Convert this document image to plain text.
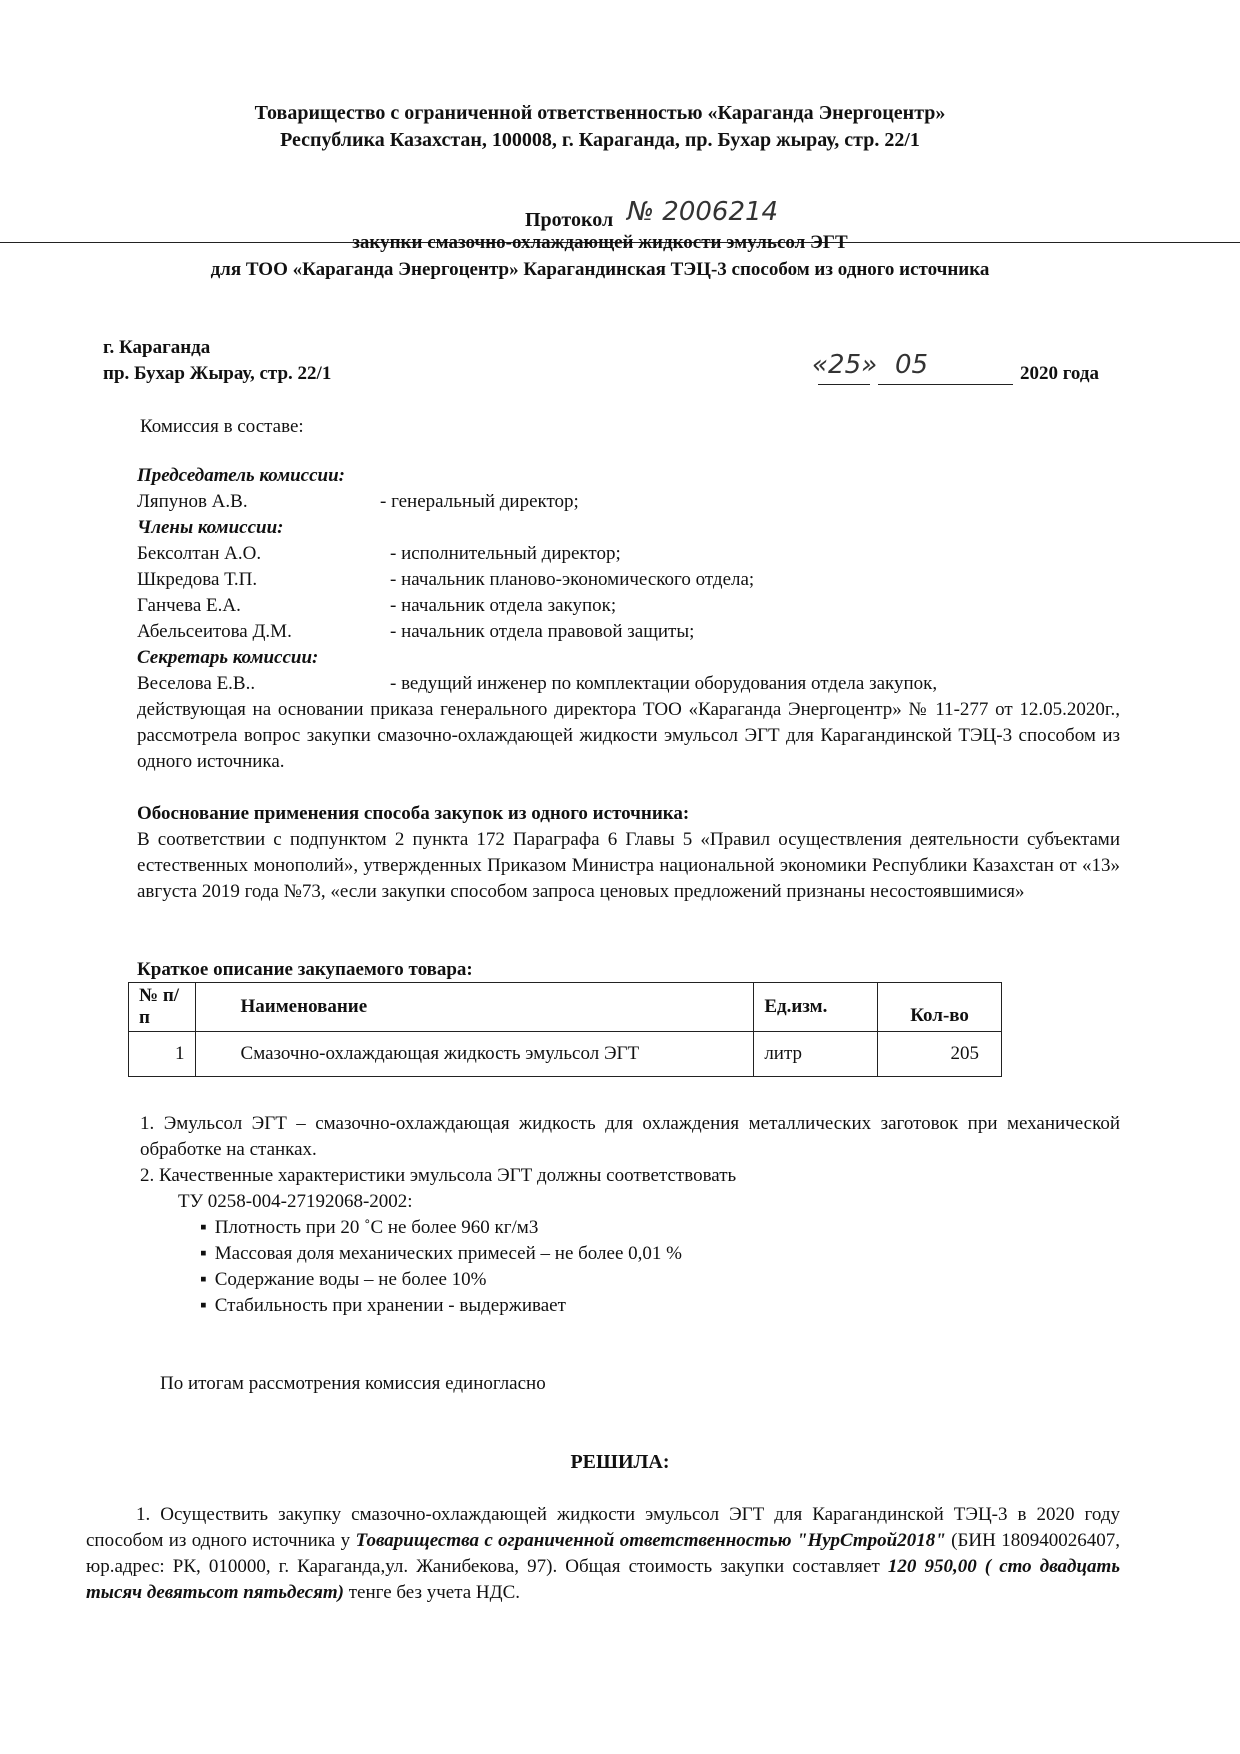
Товарищество с ограниченной ответственностью «Караганда Энергоцентр»
Республика Казахстан, 100008, г. Караганда, пр. Бухар жырау, стр. 22/1
Протокол № 2006214
закупки смазочно-охлаждающей жидкости эмульсол ЭГТ
для ТОО «Караганда Энергоцентр» Карагандинская ТЭЦ-3 способом из одного источника
г. Караганда
пр. Бухар Жырау, стр. 22/1	«25» 05	2020 года
Комиссия в составе:
Председатель комиссии:
Ляпунов А.В.	- генеральный директор;
Члены комиссии:
Бексолтан А.О.	- исполнительный директор;
Шкредова Т.П.	- начальник планово-экономического отдела;
Ганчева Е.А.	- начальник отдела закупок;
Абельсеитова Д.М.	- начальник отдела правовой защиты;
Секретарь комиссии:
Веселова Е.В..	- ведущий инженер по комплектации оборудования отдела закупок,
действующая на основании приказа генерального директора ТОО «Караганда Энергоцентр» № 11-277 от 12.05.2020г., рассмотрела вопрос закупки смазочно-охлаждающей жидкости эмульсол ЭГТ для Карагандинской ТЭЦ-3 способом из одного источника.
Обоснование применения способа закупок из одного источника:
В соответствии с подпунктом 2 пункта 172 Параграфа 6 Главы 5 «Правил осуществления деятельности субъектами естественных монополий», утвержденных Приказом Министра национальной экономики Республики Казахстан от «13» августа 2019 года №73, «если закупки способом запроса ценовых предложений признаны несостоявшимися»
Краткое описание закупаемого товара:
№ п/п	Наименование	Ед.изм.	Кол-во
1	Смазочно-охлаждающая жидкость эмульсол ЭГТ	литр	205
1. Эмульсол ЭГТ – смазочно-охлаждающая жидкость для охлаждения металлических заготовок при механической обработке на станках.
2. Качественные характеристики эмульсола ЭГТ должны соответствовать
ТУ 0258-004-27192068-2002:
▪ Плотность при 20 ˚С не более 960 кг/м3
▪ Массовая доля механических примесей – не более 0,01 %
▪ Содержание воды – не более 10%
▪ Стабильность при хранении - выдерживает
По итогам рассмотрения комиссия единогласно
РЕШИЛА:
1. Осуществить закупку смазочно-охлаждающей жидкости эмульсол ЭГТ для Карагандинской ТЭЦ-3 в 2020 году способом из одного источника у Товарищества с ограниченной ответственностью "НурСтрой2018" (БИН 180940026407, юр.адрес: РК, 010000, г. Караганда,ул. Жанибекова, 97). Общая стоимость закупки составляет 120 950,00 ( сто двадцать тысяч девятьсот пятьдесят) тенге без учета НДС.
